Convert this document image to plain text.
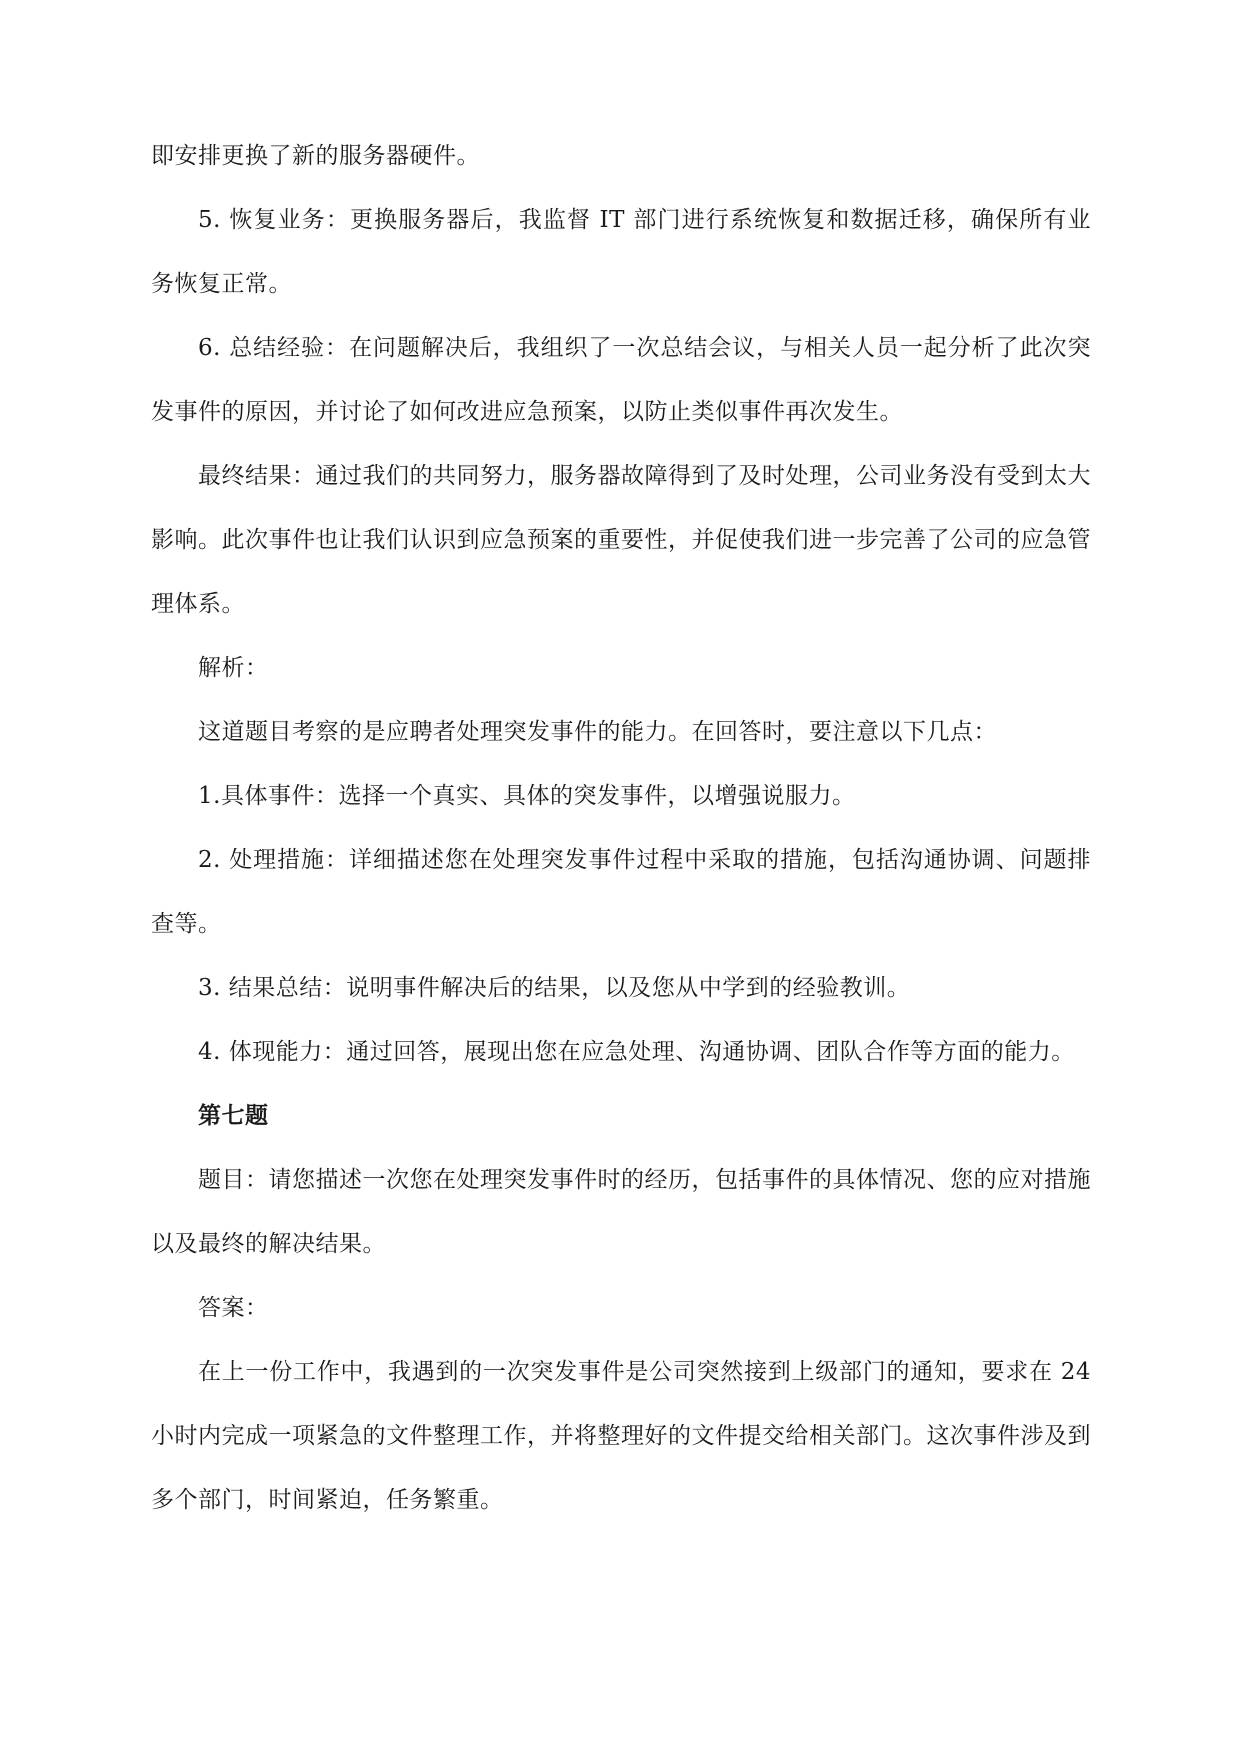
即安排更换了新的服务器硬件。

5. 恢复业务：更换服务器后，我监督 IT 部门进行系统恢复和数据迁移，确保所有业务恢复正常。

6. 总结经验：在问题解决后，我组织了一次总结会议，与相关人员一起分析了此次突发事件的原因，并讨论了如何改进应急预案，以防止类似事件再次发生。

最终结果：通过我们的共同努力，服务器故障得到了及时处理，公司业务没有受到太大影响。此次事件也让我们认识到应急预案的重要性，并促使我们进一步完善了公司的应急管理体系。

解析：

这道题目考察的是应聘者处理突发事件的能力。在回答时，要注意以下几点：

1.具体事件：选择一个真实、具体的突发事件，以增强说服力。

2. 处理措施：详细描述您在处理突发事件过程中采取的措施，包括沟通协调、问题排查等。

3. 结果总结：说明事件解决后的结果，以及您从中学到的经验教训。

4. 体现能力：通过回答，展现出您在应急处理、沟通协调、团队合作等方面的能力。

第七题

题目：请您描述一次您在处理突发事件时的经历，包括事件的具体情况、您的应对措施以及最终的解决结果。

答案：

在上一份工作中，我遇到的一次突发事件是公司突然接到上级部门的通知，要求在 24 小时内完成一项紧急的文件整理工作，并将整理好的文件提交给相关部门。这次事件涉及到多个部门，时间紧迫，任务繁重。
